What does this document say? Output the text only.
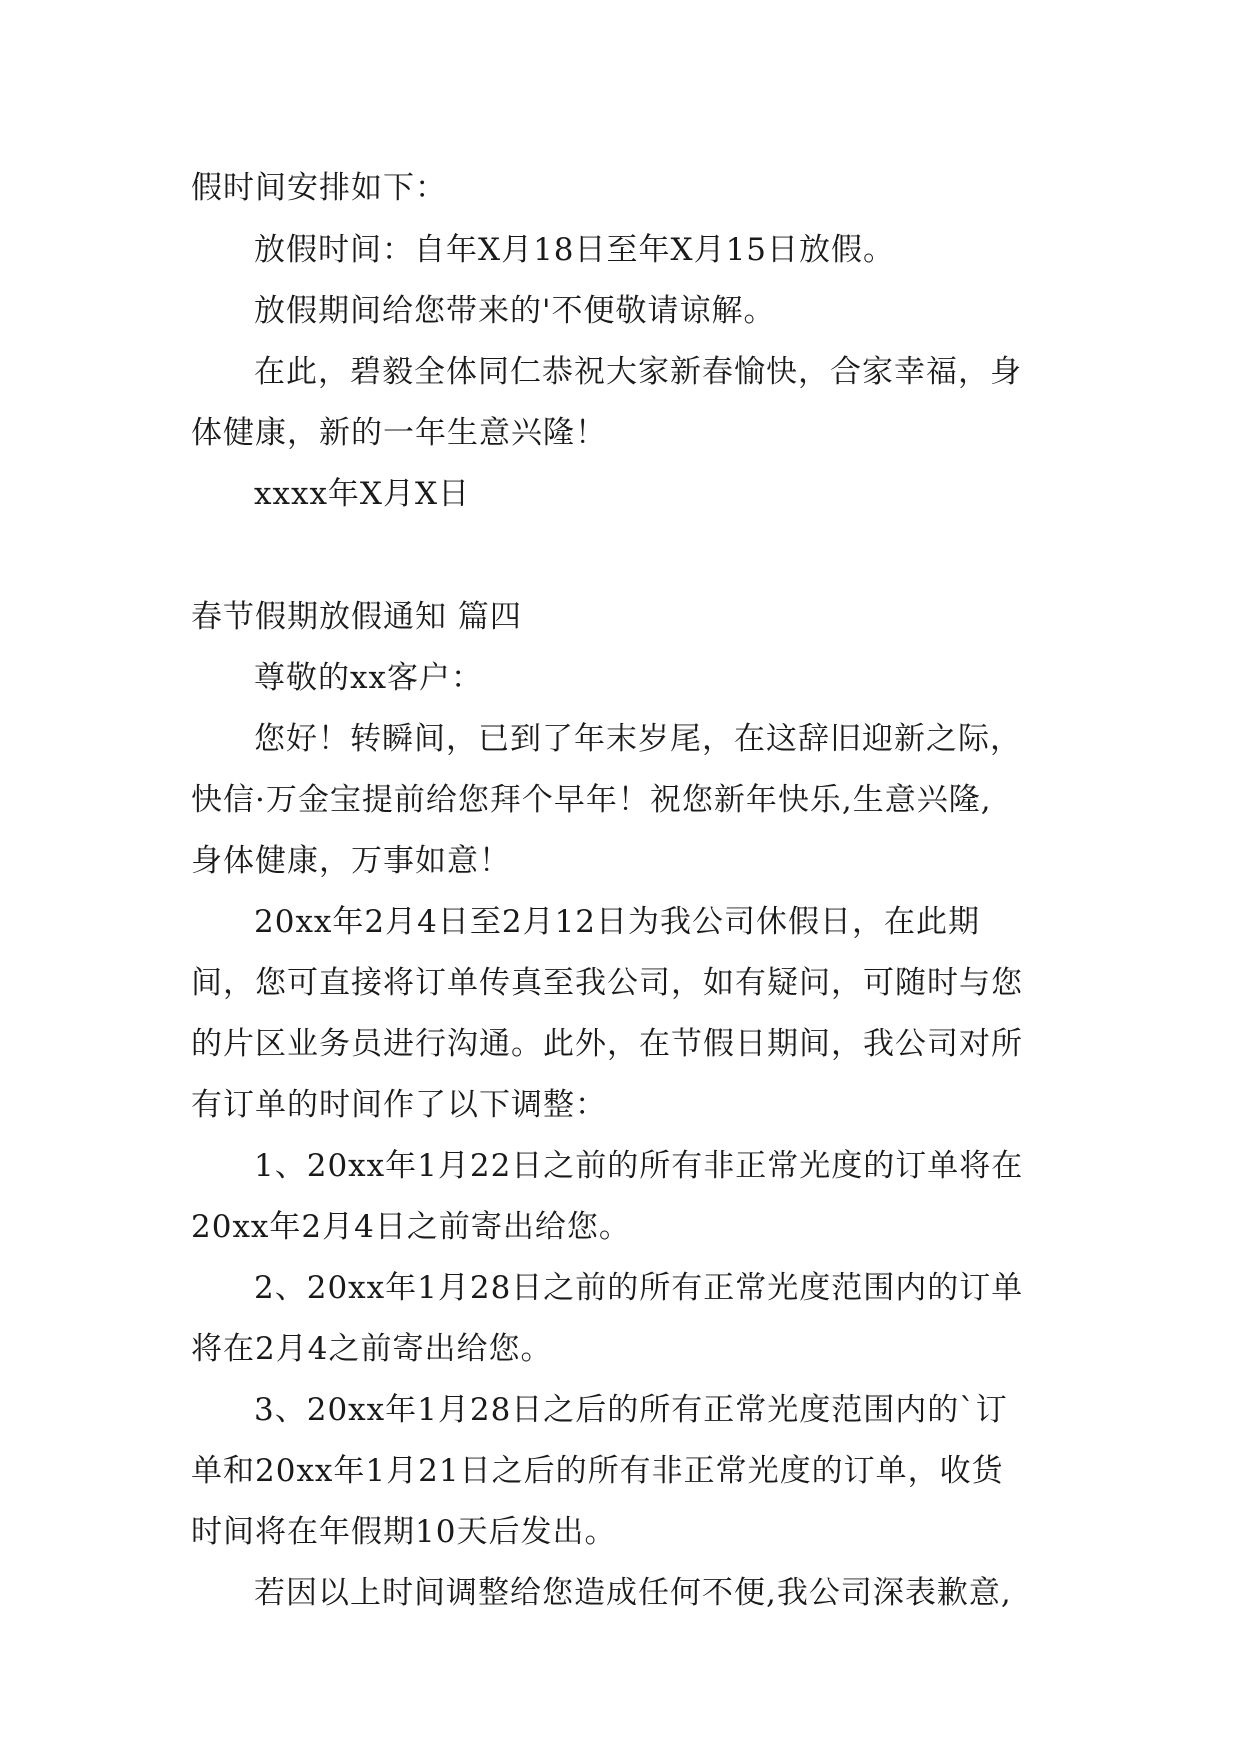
假时间安排如下：
放假时间：自年X月18日至年X月15日放假。
放假期间给您带来的'不便敬请谅解。
在此，碧毅全体同仁恭祝大家新春愉快，合家幸福，身
体健康，新的一年生意兴隆！
xxxx年X月X日
春节假期放假通知 篇四
尊敬的xx客户：
您好！转瞬间，已到了年末岁尾，在这辞旧迎新之际，
快信·万金宝提前给您拜个早年！祝您新年快乐,生意兴隆,
身体健康，万事如意！
20xx年2月4日至2月12日为我公司休假日，在此期
间，您可直接将订单传真至我公司，如有疑问，可随时与您
的片区业务员进行沟通。此外，在节假日期间，我公司对所
有订单的时间作了以下调整：
1、20xx年1月22日之前的所有非正常光度的订单将在
20xx年2月4日之前寄出给您。
2、20xx年1月28日之前的所有正常光度范围内的订单
将在2月4之前寄出给您。
3、20xx年1月28日之后的所有正常光度范围内的`订
单和20xx年1月21日之后的所有非正常光度的订单，收货
时间将在年假期10天后发出。
若因以上时间调整给您造成任何不便,我公司深表歉意,
